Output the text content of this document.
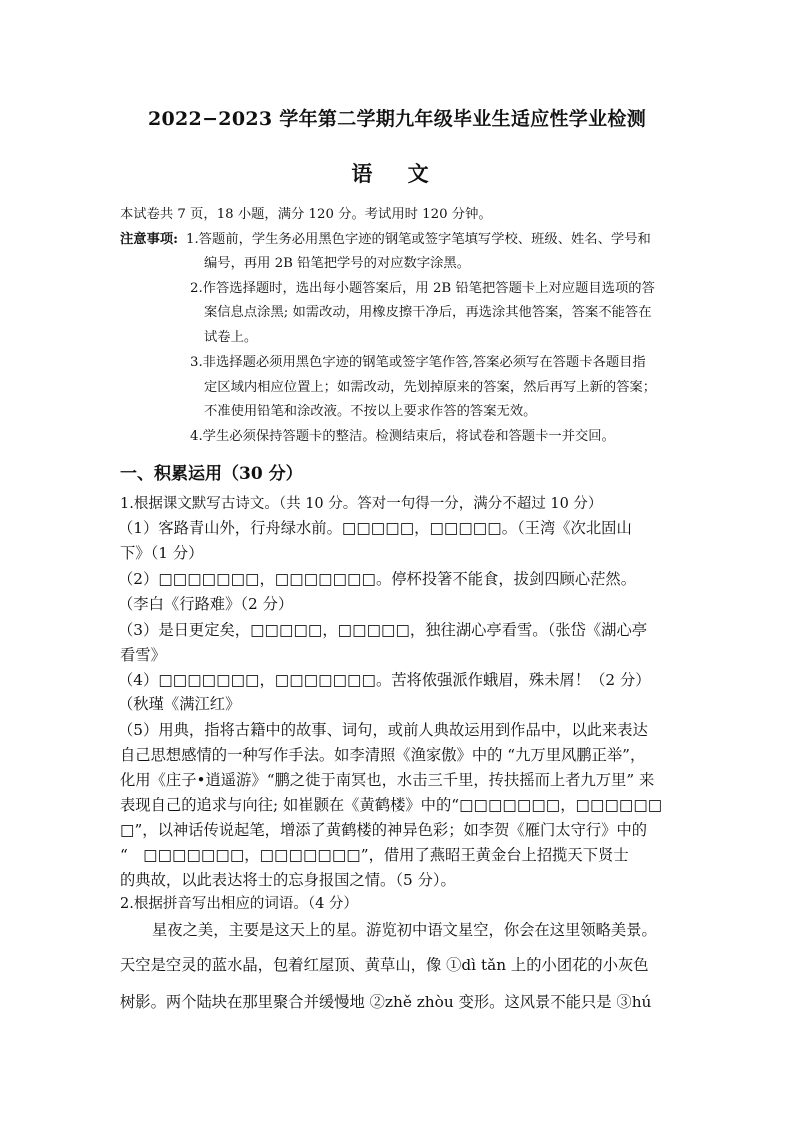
2022−2023 学年第二学期九年级毕业生适应性学业检测
语 文
本试卷共 7 页，18 小题，满分 120 分。考试用时 120 分钟。
注意事项: 1.答题前，学生务必用黑色字迹的钢笔或签字笔填写学校、班级、姓名、学号和
编号，再用 2B 铅笔把学号的对应数字涂黑。
2.作答选择题时，选出每小题答案后，用 2B 铅笔把答题卡上对应题目选项的答
案信息点涂黑; 如需改动，用橡皮擦干净后，再选涂其他答案，答案不能答在
试卷上。
3.非选择题必须用黑色字迹的钢笔或签字笔作答,答案必须写在答题卡各题目指
定区域内相应位置上；如需改动，先划掉原来的答案，然后再写上新的答案；
不准使用铅笔和涂改液。不按以上要求作答的答案无效。
4.学生必须保持答题卡的整洁。检测结束后，将试卷和答题卡一并交回。
一、积累运用（30 分）
1.根据课文默写古诗文。（共 10 分。答对一句得一分，满分不超过 10 分）
（1）客路青山外，行舟绿水前。□□□□□，□□□□□。（王湾《次北固山
下》（1 分）
（2）□□□□□□□，□□□□□□□。停杯投箸不能食，拔剑四顾心茫然。
（李白《行路难》（2 分）
（3）是日更定矣，□□□□□，□□□□□，独往湖心亭看雪。（张岱《湖心亭
看雪》
（4）□□□□□□□，□□□□□□□。苦将侬强派作蛾眉，殊未屑！（2 分）
（秋瑾《满江红》
（5）用典，指将古籍中的故事、词句，或前人典故运用到作品中，以此来表达
自己思想感情的一种写作手法。如李清照《渔家傲》中的 “九万里风鹏正举”，
化用《庄子•逍遥游》“鹏之徙于南冥也，水击三千里，抟扶摇而上者九万里” 来
表现自己的追求与向往; 如崔颢在《黄鹤楼》中的“□□□□□□□，□□□□□□
□”，以神话传说起笔，增添了黄鹤楼的神异色彩；如李贺《雁门太守行》中的
“　□□□□□□□，□□□□□□□”，借用了燕昭王黄金台上招揽天下贤士
的典故，以此表达将士的忘身报国之情。（5 分）。
2.根据拼音写出相应的词语。（4 分）
星夜之美，主要是这天上的星。游览初中语文星空，你会在这里领略美景。
天空是空灵的蓝水晶，包着红屋顶、黄草山，像 ①dì tǎn 上的小团花的小灰色
树影。两个陆块在那里聚合并缓慢地 ②zhě zhòu 变形。这风景不能只是 ③hú
